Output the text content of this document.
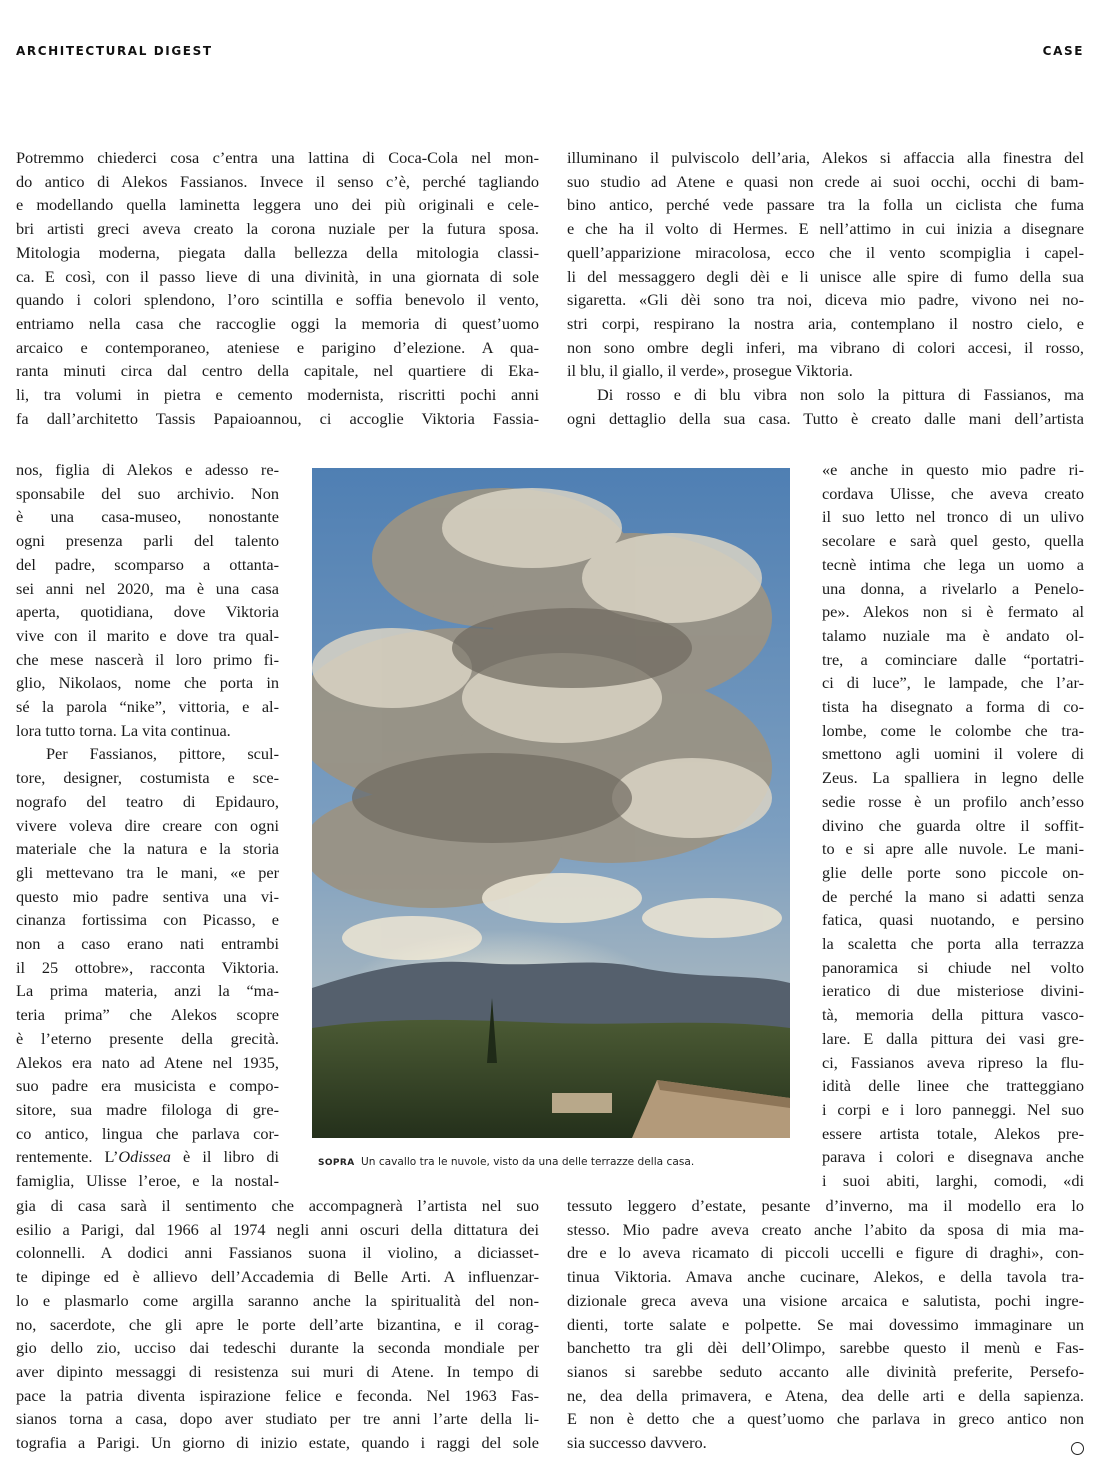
ARCHITECTURAL DIGEST	CASE
Potremmo chiederci cosa c’entra una lattina di Coca-Cola nel mon-
do antico di Alekos Fassianos. Invece il senso c’è, perché tagliando
e modellando quella laminetta leggera uno dei più originali e cele-
bri artisti greci aveva creato la corona nuziale per la futura sposa.
Mitologia moderna, piegata dalla bellezza della mitologia classi-
ca. E così, con il passo lieve di una divinità, in una giornata di sole
quando i colori splendono, l’oro scintilla e soffia benevolo il vento,
entriamo nella casa che raccoglie oggi la memoria di quest’uomo
arcaico e contemporaneo, ateniese e parigino d’elezione. A qua-
ranta minuti circa dal centro della capitale, nel quartiere di Eka-
li, tra volumi in pietra e cemento modernista, riscritti pochi anni
fa dall’architetto Tassis Papaioannou, ci accoglie Viktoria Fassia-
nos, figlia di Alekos e adesso re-
sponsabile del suo archivio. Non
è una casa-museo, nonostante
ogni presenza parli del talento
del padre, scomparso a ottanta-
sei anni nel 2020, ma è una casa
aperta, quotidiana, dove Viktoria
vive con il marito e dove tra qual-
che mese nascerà il loro primo fi-
glio, Nikolaos, nome che porta in
sé la parola “nike”, vittoria, e al-
lora tutto torna. La vita continua.
Per Fassianos, pittore, scul-
tore, designer, costumista e sce-
nografo del teatro di Epidauro,
vivere voleva dire creare con ogni
materiale che la natura e la storia
gli mettevano tra le mani, «e per
questo mio padre sentiva una vi-
cinanza fortissima con Picasso, e
non a caso erano nati entrambi
il 25 ottobre», racconta Viktoria.
La prima materia, anzi la “ma-
teria prima” che Alekos scopre
è l’eterno presente della grecità.
Alekos era nato ad Atene nel 1935,
suo padre era musicista e compo-
sitore, sua madre filologa di gre-
co antico, lingua che parlava cor-
rentemente. L’Odissea è il libro di
famiglia, Ulisse l’eroe, e la nostal-
gia di casa sarà il sentimento che accompagnerà l’artista nel suo
esilio a Parigi, dal 1966 al 1974 negli anni oscuri della dittatura dei
colonnelli. A dodici anni Fassianos suona il violino, a diciasset-
te dipinge ed è allievo dell’Accademia di Belle Arti. A influenzar-
lo e plasmarlo come argilla saranno anche la spiritualità del non-
no, sacerdote, che gli apre le porte dell’arte bizantina, e il corag-
gio dello zio, ucciso dai tedeschi durante la seconda mondiale per
aver dipinto messaggi di resistenza sui muri di Atene. In tempo di
pace la patria diventa ispirazione felice e feconda. Nel 1963 Fas-
sianos torna a casa, dopo aver studiato per tre anni l’arte della li-
tografia a Parigi. Un giorno di inizio estate, quando i raggi del sole
illuminano il pulviscolo dell’aria, Alekos si affaccia alla finestra del
suo studio ad Atene e quasi non crede ai suoi occhi, occhi di bam-
bino antico, perché vede passare tra la folla un ciclista che fuma
e che ha il volto di Hermes. E nell’attimo in cui inizia a disegnare
quell’apparizione miracolosa, ecco che il vento scompiglia i capel-
li del messaggero degli dèi e li unisce alle spire di fumo della sua
sigaretta. «Gli dèi sono tra noi, diceva mio padre, vivono nei no-
stri corpi, respirano la nostra aria, contemplano il nostro cielo, e
non sono ombre degli inferi, ma vibrano di colori accesi, il rosso,
il blu, il giallo, il verde», prosegue Viktoria.
Di rosso e di blu vibra non solo la pittura di Fassianos, ma
ogni dettaglio della sua casa. Tutto è creato dalle mani dell’artista
«e anche in questo mio padre ri-
cordava Ulisse, che aveva creato
il suo letto nel tronco di un ulivo
secolare e sarà quel gesto, quella
tecnè intima che lega un uomo a
una donna, a rivelarlo a Penelo-
pe». Alekos non si è fermato al
talamo nuziale ma è andato ol-
tre, a cominciare dalle “portatri-
ci di luce”, le lampade, che l’ar-
tista ha disegnato a forma di co-
lombe, come le colombe che tra-
smettono agli uomini il volere di
Zeus. La spalliera in legno delle
sedie rosse è un profilo anch’esso
divino che guarda oltre il soffit-
to e si apre alle nuvole. Le mani-
glie delle porte sono piccole on-
de perché la mano si adatti senza
fatica, quasi nuotando, e persino
la scaletta che porta alla terrazza
panoramica si chiude nel volto
ieratico di due misteriose divini-
tà, memoria della pittura vasco-
lare. E dalla pittura dei vasi gre-
ci, Fassianos aveva ripreso la flu-
idità delle linee che tratteggiano
i corpi e i loro panneggi. Nel suo
essere artista totale, Alekos pre-
parava i colori e disegnava anche
i suoi abiti, larghi, comodi, «di
tessuto leggero d’estate, pesante d’inverno, ma il modello era lo
stesso. Mio padre aveva creato anche l’abito da sposa di mia ma-
dre e lo aveva ricamato di piccoli uccelli e figure di draghi», con-
tinua Viktoria. Amava anche cucinare, Alekos, e della tavola tra-
dizionale greca aveva una visione arcaica e salutista, pochi ingre-
dienti, torte salate e polpette. Se mai dovessimo immaginare un
banchetto tra gli dèi dell’Olimpo, sarebbe questo il menù e Fas-
sianos si sarebbe seduto accanto alle divinità preferite, Persefo-
ne, dea della primavera, e Atena, dea delle arti e della sapienza.
E non è detto che a quest’uomo che parlava in greco antico non
sia successo davvero.
SOPRA Un cavallo tra le nuvole, visto da una delle terrazze della casa.
